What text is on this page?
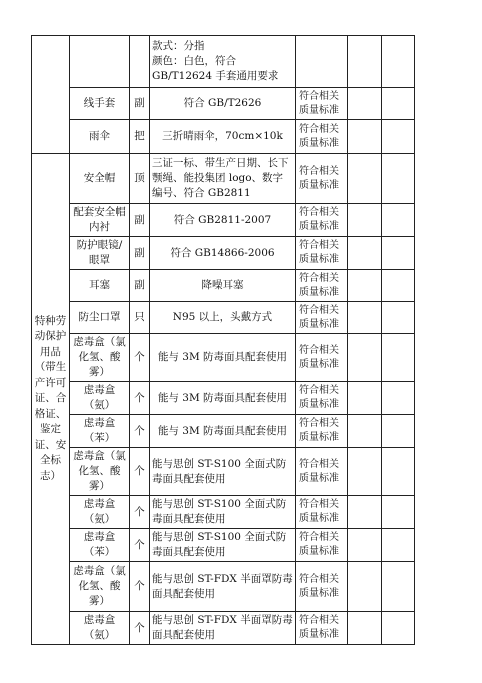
			款式：分指
颜色：白色，符合 GB/T12624 手套通用要求			
	线手套	副	符合 GB/T2626	符合相关质量标准		
	雨伞	把	三折晴雨伞，70cm×10k	符合相关质量标准		
特种劳动保护用品（带生产许可证、合格证、鉴定证、安全标志）	安全帽	顶	三证一标、带生产日期、长下颚绳、能投集团 logo、数字编号、符合 GB2811	符合相关质量标准		
	配套安全帽内衬	副	符合 GB2811-2007	符合相关质量标准		
	防护眼镜/眼罩	副	符合 GB14866-2006	符合相关质量标准		
	耳塞	副	降噪耳塞	符合相关质量标准		
	防尘口罩	只	N95 以上，头戴方式	符合相关质量标准		
	虑毒盒（氯化氢、酸雾）	个	能与 3M 防毒面具配套使用	符合相关质量标准		
	虑毒盒（氨）	个	能与 3M 防毒面具配套使用	符合相关质量标准		
	虑毒盒（苯）	个	能与 3M 防毒面具配套使用	符合相关质量标准		
	虑毒盒（氯化氢、酸雾）	个	能与思创 ST-S100 全面式防毒面具配套使用	符合相关质量标准		
	虑毒盒（氨）	个	能与思创 ST-S100 全面式防毒面具配套使用	符合相关质量标准		
	虑毒盒（苯）	个	能与思创 ST-S100 全面式防毒面具配套使用	符合相关质量标准		
	虑毒盒（氯化氢、酸雾）	个	能与思创 ST-FDX 半面罩防毒面具配套使用	符合相关质量标准		
	虑毒盒（氨）	个	能与思创 ST-FDX 半面罩防毒面具配套使用	符合相关质量标准		
